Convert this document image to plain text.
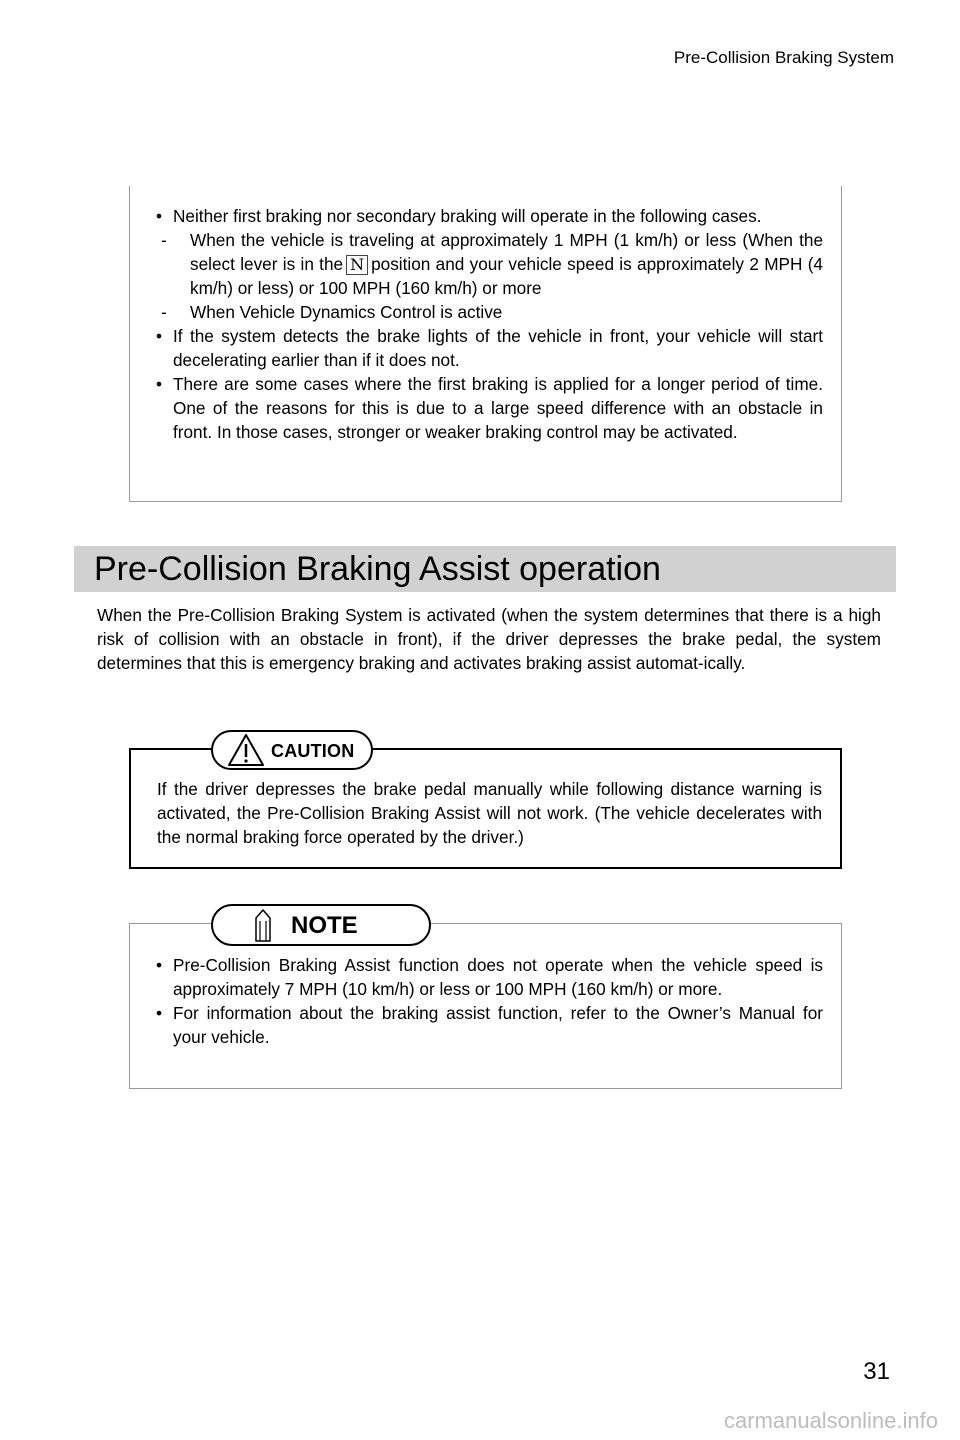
Pre-Collision Braking System
• Neither first braking nor secondary braking will operate in the following cases.
- When the vehicle is traveling at approximately 1 MPH (1 km/h) or less (When the select lever is in the N position and your vehicle speed is approximately 2 MPH (4 km/h) or less) or 100 MPH (160 km/h) or more
- When Vehicle Dynamics Control is active
• If the system detects the brake lights of the vehicle in front, your vehicle will start decelerating earlier than if it does not.
• There are some cases where the first braking is applied for a longer period of time. One of the reasons for this is due to a large speed difference with an obstacle in front. In those cases, stronger or weaker braking control may be activated.
Pre-Collision Braking Assist operation
When the Pre-Collision Braking System is activated (when the system determines that there is a high risk of collision with an obstacle in front), if the driver depresses the brake pedal, the system determines that this is emergency braking and activates braking assist automat-ically.
If the driver depresses the brake pedal manually while following distance warning is activated, the Pre-Collision Braking Assist will not work. (The vehicle decelerates with the normal braking force operated by the driver.)
CAUTION
• Pre-Collision Braking Assist function does not operate when the vehicle speed is approximately 7 MPH (10 km/h) or less or 100 MPH (160 km/h) or more.
• For information about the braking assist function, refer to the Owner’s Manual for your vehicle.
NOTE
31
carmanualsonline.info
